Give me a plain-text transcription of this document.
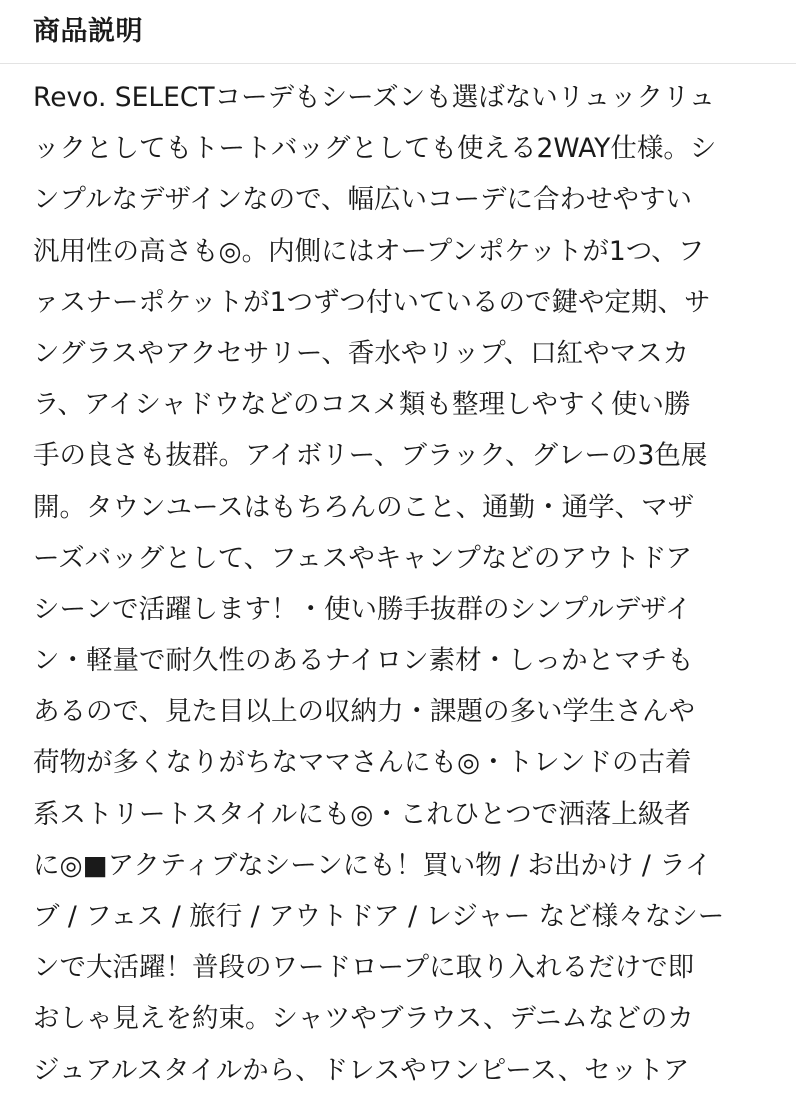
商品説明
Revo. SELECTコーデもシーズンも選ばないリュックリュ
ックとしてもトートバッグとしても使える2WAY仕様。シ
ンプルなデザインなので、幅広いコーデに合わせやすい
汎用性の高さも◎。内側にはオープンポケットが1つ、フ
ァスナーポケットが1つずつ付いているので鍵や定期、サ
ングラスやアクセサリー、香水やリップ、口紅やマスカ
ラ、アイシャドウなどのコスメ類も整理しやすく使い勝
手の良さも抜群。アイボリー、ブラック、グレーの3色展
開。タウンユースはもちろんのこと、通勤・通学、マザ
ーズバッグとして、フェスやキャンプなどのアウトドア
シーンで活躍します！・使い勝手抜群のシンプルデザイ
ン・軽量で耐久性のあるナイロン素材・しっかとマチも
あるので、見た目以上の収納力・課題の多い学生さんや
荷物が多くなりがちなママさんにも◎・トレンドの古着
系ストリートスタイルにも◎・これひとつで洒落上級者
に◎■アクティブなシーンにも！買い物 / お出かけ / ライ
ブ / フェス / 旅行 / アウトドア / レジャー など様々なシー
ンで大活躍！普段のワードロープに取り入れるだけで即
おしゃ見えを約束。シャツやブラウス、デニムなどのカ
ジュアルスタイルから、ドレスやワンピース、セットア
